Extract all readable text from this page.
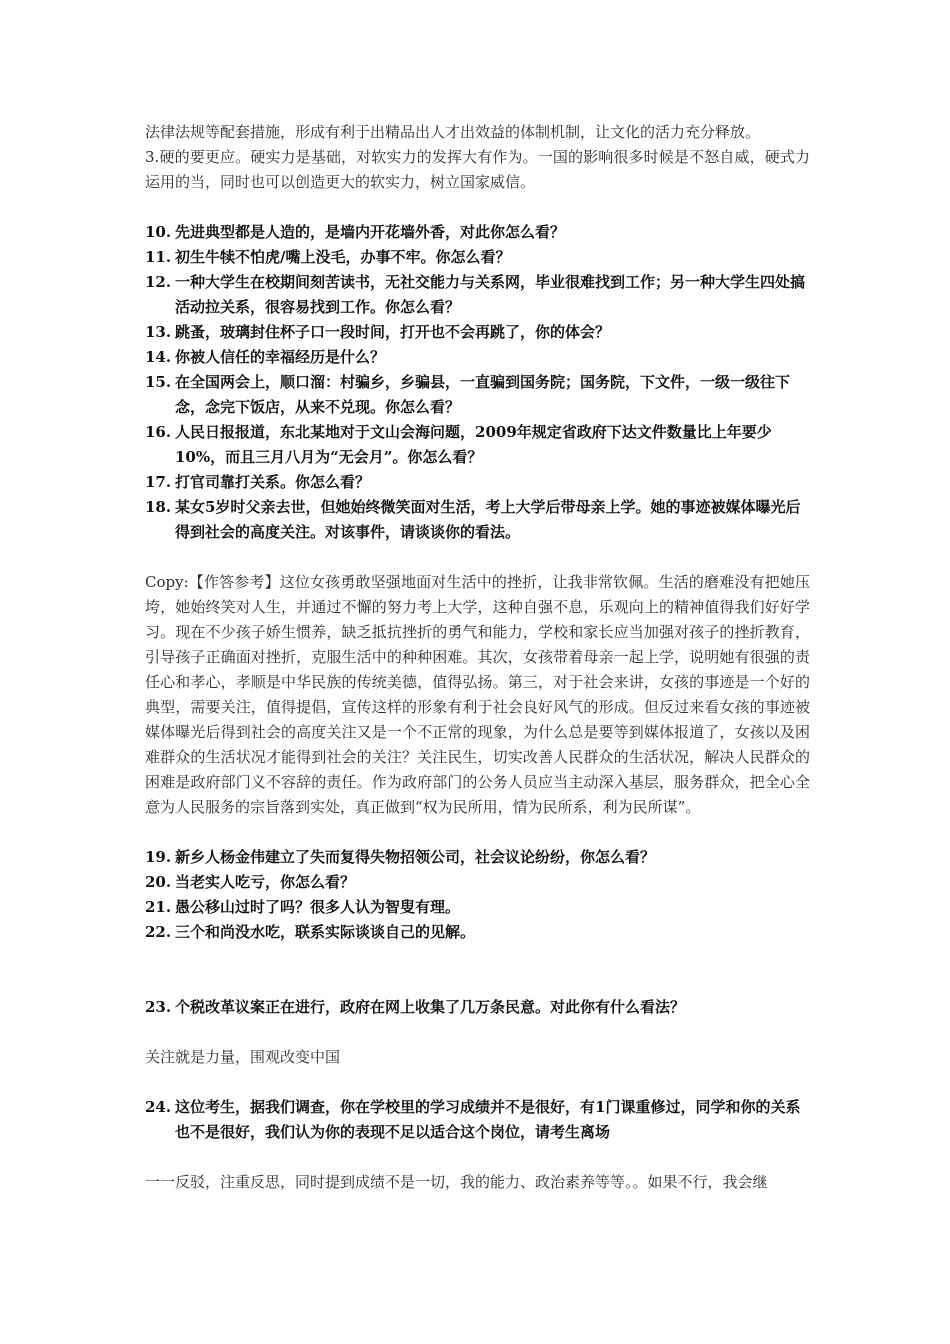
法律法规等配套措施，形成有利于出精品出人才出效益的体制机制，让文化的活力充分释放。

3.硬的要更应。硬实力是基础，对软实力的发挥大有作为。一国的影响很多时候是不怒自威，硬式力运用的当，同时也可以创造更大的软实力，树立国家威信。

10. 先进典型都是人造的，是墙内开花墙外香，对此你怎么看？
11. 初生牛犊不怕虎/嘴上没毛，办事不牢。你怎么看？
12. 一种大学生在校期间刻苦读书，无社交能力与关系网，毕业很难找到工作；另一种大学生四处搞活动拉关系，很容易找到工作。你怎么看？
13. 跳蚤，玻璃封住杯子口一段时间，打开也不会再跳了，你的体会？
14. 你被人信任的幸福经历是什么？
15. 在全国两会上，顺口溜：村骗乡，乡骗县，一直骗到国务院；国务院，下文件，一级一级往下念，念完下饭店，从来不兑现。你怎么看？
16. 人民日报报道，东北某地对于文山会海问题，2009年规定省政府下达文件数量比上年要少10%，而且三月八月为“无会月”。你怎么看？
17. 打官司靠打关系。你怎么看？
18. 某女5岁时父亲去世，但她始终微笑面对生活，考上大学后带母亲上学。她的事迹被媒体曝光后得到社会的高度关注。对该事件，请谈谈你的看法。

Copy:【作答参考】这位女孩勇敢坚强地面对生活中的挫折，让我非常钦佩。生活的磨难没有把她压垮，她始终笑对人生，并通过不懈的努力考上大学，这种自强不息，乐观向上的精神值得我们好好学习。现在不少孩子娇生惯养，缺乏抵抗挫折的勇气和能力，学校和家长应当加强对孩子的挫折教育，引导孩子正确面对挫折，克服生活中的种种困难。其次，女孩带着母亲一起上学，说明她有很强的责任心和孝心，孝顺是中华民族的传统美德，值得弘扬。第三，对于社会来讲，女孩的事迹是一个好的典型，需要关注，值得提倡，宣传这样的形象有利于社会良好风气的形成。但反过来看女孩的事迹被媒体曝光后得到社会的高度关注又是一个不正常的现象，为什么总是要等到媒体报道了，女孩以及困难群众的生活状况才能得到社会的关注？关注民生，切实改善人民群众的生活状况，解决人民群众的困难是政府部门义不容辞的责任。作为政府部门的公务人员应当主动深入基层，服务群众，把全心全意为人民服务的宗旨落到实处，真正做到“权为民所用，情为民所系，利为民所谋”。

19. 新乡人杨金伟建立了失而复得失物招领公司，社会议论纷纷，你怎么看？
20. 当老实人吃亏，你怎么看？
21. 愚公移山过时了吗？很多人认为智叟有理。
22. 三个和尚没水吃，联系实际谈谈自己的见解。
23. 个税改革议案正在进行，政府在网上收集了几万条民意。对此你有什么看法？

关注就是力量，围观改变中国

24. 这位考生，据我们调查，你在学校里的学习成绩并不是很好，有1门课重修过，同学和你的关系也不是很好，我们认为你的表现不足以适合这个岗位，请考生离场

一一反驳，注重反思，同时提到成绩不是一切，我的能力、政治素养等等。。如果不行，我会继
